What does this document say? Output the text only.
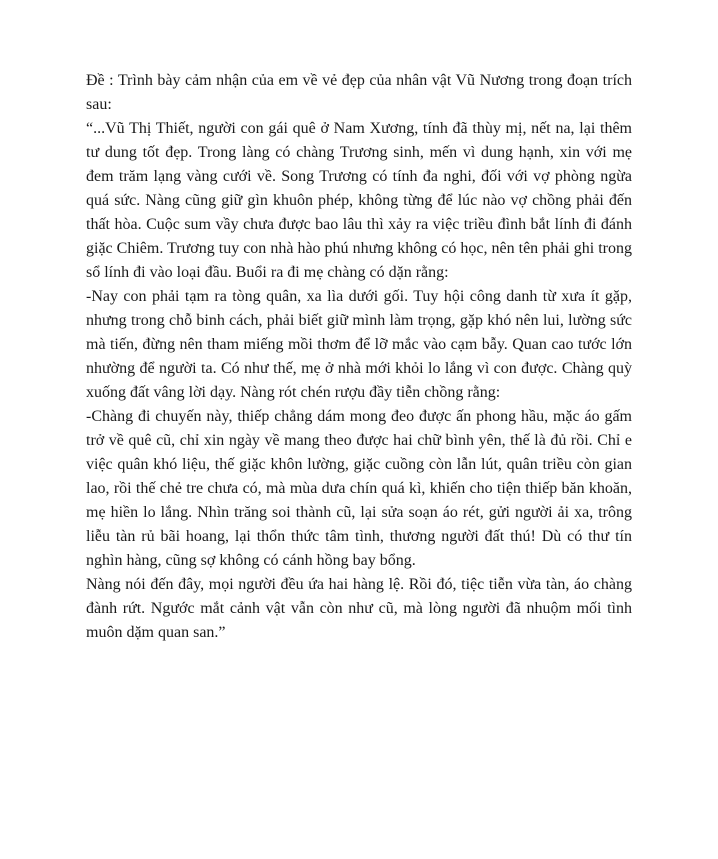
Đề : Trình bày cảm nhận của em về vẻ đẹp của nhân vật Vũ Nương trong đoạn trích sau:

“...Vũ Thị Thiết, người con gái quê ở Nam Xương, tính đã thùy mị, nết na, lại thêm tư dung tốt đẹp. Trong làng có chàng Trương sinh, mến vì dung hạnh, xin với mẹ đem trăm lạng vàng cưới về. Song Trương có tính đa nghi, đối với vợ phòng ngừa quá sức. Nàng cũng giữ gìn khuôn phép, không từng để lúc nào vợ chồng phải đến thất hòa. Cuộc sum vầy chưa được bao lâu thì xảy ra việc triều đình bắt lính đi đánh giặc Chiêm. Trương tuy con nhà hào phú nhưng không có học, nên tên phải ghi trong sổ lính đi vào loại đầu. Buổi ra đi mẹ chàng có dặn rằng:

-Nay con phải tạm ra tòng quân, xa lìa dưới gối. Tuy hội công danh từ xưa ít gặp, nhưng trong chỗ binh cách, phải biết giữ mình làm trọng, gặp khó nên lui, lường sức mà tiến, đừng nên tham miếng mồi thơm để lỡ mắc vào cạm bẫy. Quan cao tước lớn nhường để người ta. Có như thế, mẹ ở nhà mới khỏi lo lắng vì con được. Chàng quỳ xuống đất vâng lời dạy. Nàng rót chén rượu đầy tiễn chồng rằng:

-Chàng đi chuyến này, thiếp chẳng dám mong đeo được ấn phong hầu, mặc áo gấm trở về quê cũ, chỉ xin ngày về mang theo được hai chữ bình yên, thế là đủ rồi. Chỉ e việc quân khó liệu, thế giặc khôn lường, giặc cuồng còn lẫn lút, quân triều còn gian lao, rồi thế chẻ tre chưa có, mà mùa dưa chín quá kì, khiến cho tiện thiếp băn khoăn, mẹ hiền lo lắng. Nhìn trăng soi thành cũ, lại sửa soạn áo rét, gửi người ải xa, trông liễu tàn rủ bãi hoang, lại thổn thức tâm tình, thương người đất thú! Dù có thư tín nghìn hàng, cũng sợ không có cánh hồng bay bổng.

Nàng nói đến đây, mọi người đều ứa hai hàng lệ. Rồi đó, tiệc tiễn vừa tàn, áo chàng đành rứt. Ngước mắt cảnh vật vẫn còn như cũ, mà lòng người đã nhuộm mối tình muôn dặm quan san.”
